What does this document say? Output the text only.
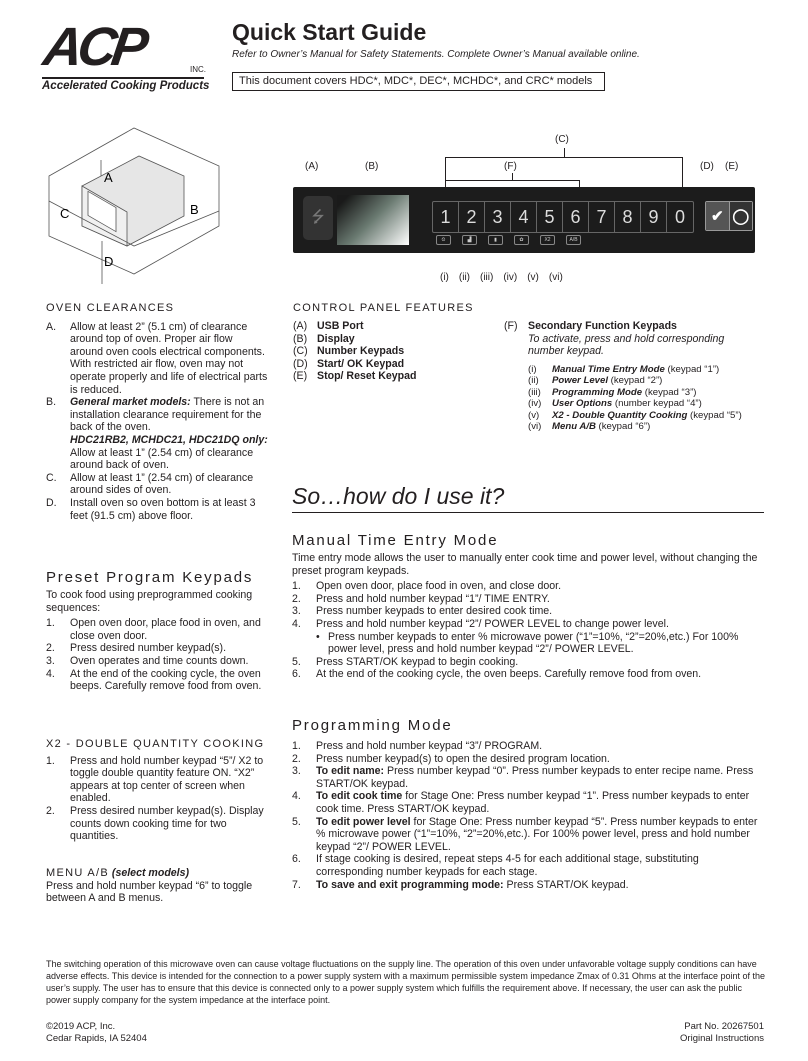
ACP	INC.
Accelerated Cooking Products
Quick Start Guide
Refer to Owner’s Manual for Safety Statements. Complete Owner’s Manual available online.
This document covers HDC*, MDC*, DEC*, MCHDC*, and CRC* models
A
B
C
D
OVEN CLEARANCES
A. Allow at least 2” (5.1 cm) of clearance around top of oven. Proper air flow around oven cools electrical components. With restricted air flow, oven may not operate properly and life of electrical parts is reduced.
B. General market models: There is not an installation clearance requirement for the back of the oven.
HDC21RB2, MCHDC21, HDC21DQ only: Allow at least 1” (2.54 cm) of clearance around back of oven.
C. Allow at least 1” (2.54 cm) of clearance around sides of oven.
D. Install oven so oven bottom is at least 3 feet (91.5 cm) above floor.
Preset Program Keypads
To cook food using preprogrammed cooking sequences:
1. Open oven door, place food in oven, and close oven door.
2. Press desired number keypad(s).
3. Oven operates and time counts down.
4. At the end of the cooking cycle, the oven beeps. Carefully remove food from oven.
X2 - DOUBLE QUANTITY COOKING
1. Press and hold number keypad “5”/ X2 to toggle double quantity feature ON. “X2” appears at top center of screen when enabled.
2. Press desired number keypad(s). Display counts down cooking time for two quantities.
MENU A/B (select models)
Press and hold number keypad “6” to toggle between A and B menus.
(A)	(B)
(C)
(F)	(D) (E)
⭍	1 2 3 4 5 6 7 8 9 0	✔ ◯
⏲	▟	▮	✿	X2	A/B
(i) (ii) (iii) (iv) (v) (vi)
CONTROL PANEL FEATURES
(A) USB Port
(B) Display
(C) Number Keypads
(D) Start/ OK Keypad
(E) Stop/ Reset Keypad
(F) Secondary Function Keypads
To activate, press and hold corresponding number keypad.
(i) Manual Time Entry Mode (keypad “1”)
(ii) Power Level (keypad “2”)
(iii) Programming Mode (keypad “3”)
(iv) User Options (number keypad “4”)
(v) X2 - Double Quantity Cooking (keypad “5”)
(vi) Menu A/B (keypad “6”)
So…how do I use it?
Manual Time Entry Mode
Time entry mode allows the user to manually enter cook time and power level, without changing the preset program keypads.
1. Open oven door, place food in oven, and close door.
2. Press and hold number keypad “1”/ TIME ENTRY.
3. Press number keypads to enter desired cook time.
4. Press and hold number keypad “2”/ POWER LEVEL to change power level.
• Press number keypads to enter % microwave power (“1”=10%, “2”=20%,etc.) For 100% power level, press and hold number keypad “2”/ POWER LEVEL.
5. Press START/OK keypad to begin cooking.
6. At the end of the cooking cycle, the oven beeps. Carefully remove food from oven.
Programming Mode
1. Press and hold number keypad “3”/ PROGRAM.
2. Press number keypad(s) to open the desired program location.
3. To edit name: Press number keypad “0”. Press number keypads to enter recipe name. Press START/OK keypad.
4. To edit cook time for Stage One: Press number keypad “1”. Press number keypads to enter cook time. Press START/OK keypad.
5. To edit power level for Stage One: Press number keypad “5”. Press number keypads to enter % microwave power (“1”=10%, “2”=20%,etc.). For 100% power level, press and hold number keypad “2”/ POWER LEVEL.
6. If stage cooking is desired, repeat steps 4-5 for each additional stage, substituting corresponding number keypads for each stage.
7. To save and exit programming mode: Press START/OK keypad.
The switching operation of this microwave oven can cause voltage fluctuations on the supply line. The operation of this oven under unfavorable voltage supply conditions can have adverse effects. This device is intended for the connection to a power supply system with a maximum permissible system impedance Zmax of 0.31 Ohms at the interface point of the user’s supply. The user has to ensure that this device is connected only to a power supply system which fulfills the requirement above. If necessary, the user can ask the public power supply company for the system impedance at the interface point.
©2019 ACP, Inc.
Cedar Rapids, IA 52404
Part No. 20267501
Original Instructions
